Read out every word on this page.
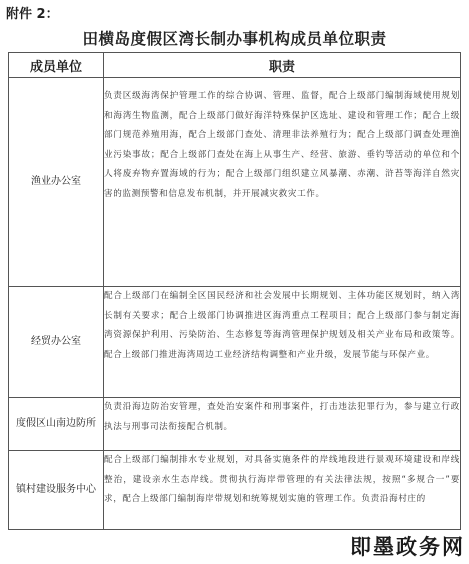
附件 2：
田横岛度假区湾长制办事机构成员单位职责
成员单位	职责
渔业办公室	负责区级海湾保护管理工作的综合协调、管理、监督，配合上级部门编制海域使用规划和海湾生物监测，配合上级部门做好海洋特殊保护区选址、建设和管理工作；配合上级部门规范养殖用海，配合上级部门查处、清理非法养殖行为；配合上级部门调查处理渔业污染事故；配合上级部门查处在海上从事生产、经营、旅游、垂钓等活动的单位和个人将废弃物弃置海域的行为；配合上级部门组织建立风暴潮、赤潮、浒苔等海洋自然灾害的监测预警和信息发布机制，并开展减灾救灾工作。
经贸办公室	配合上级部门在编制全区国民经济和社会发展中长期规划、主体功能区规划时，纳入湾长制有关要求；配合上级部门协调推进区海湾重点工程项目；配合上级部门参与制定海湾资源保护利用、污染防治、生态修复等海湾管理保护规划及相关产业布局和政策等。配合上级部门推进海湾周边工业经济结构调整和产业升级，发展节能与环保产业。
度假区山南边防所	负责沿海边防治安管理，查处治安案件和刑事案件，打击违法犯罪行为，参与建立行政执法与刑事司法衔接配合机制。
镇村建设服务中心	配合上级部门编制排水专业规划，对具备实施条件的岸线地段进行景观环境建设和岸线整治，建设亲水生态岸线。贯彻执行海岸带管理的有关法律法规，按照“多规合一”要求，配合上级部门编制海岸带规划和统筹规划实施的管理工作。负责沿海村庄的
即墨政务网
